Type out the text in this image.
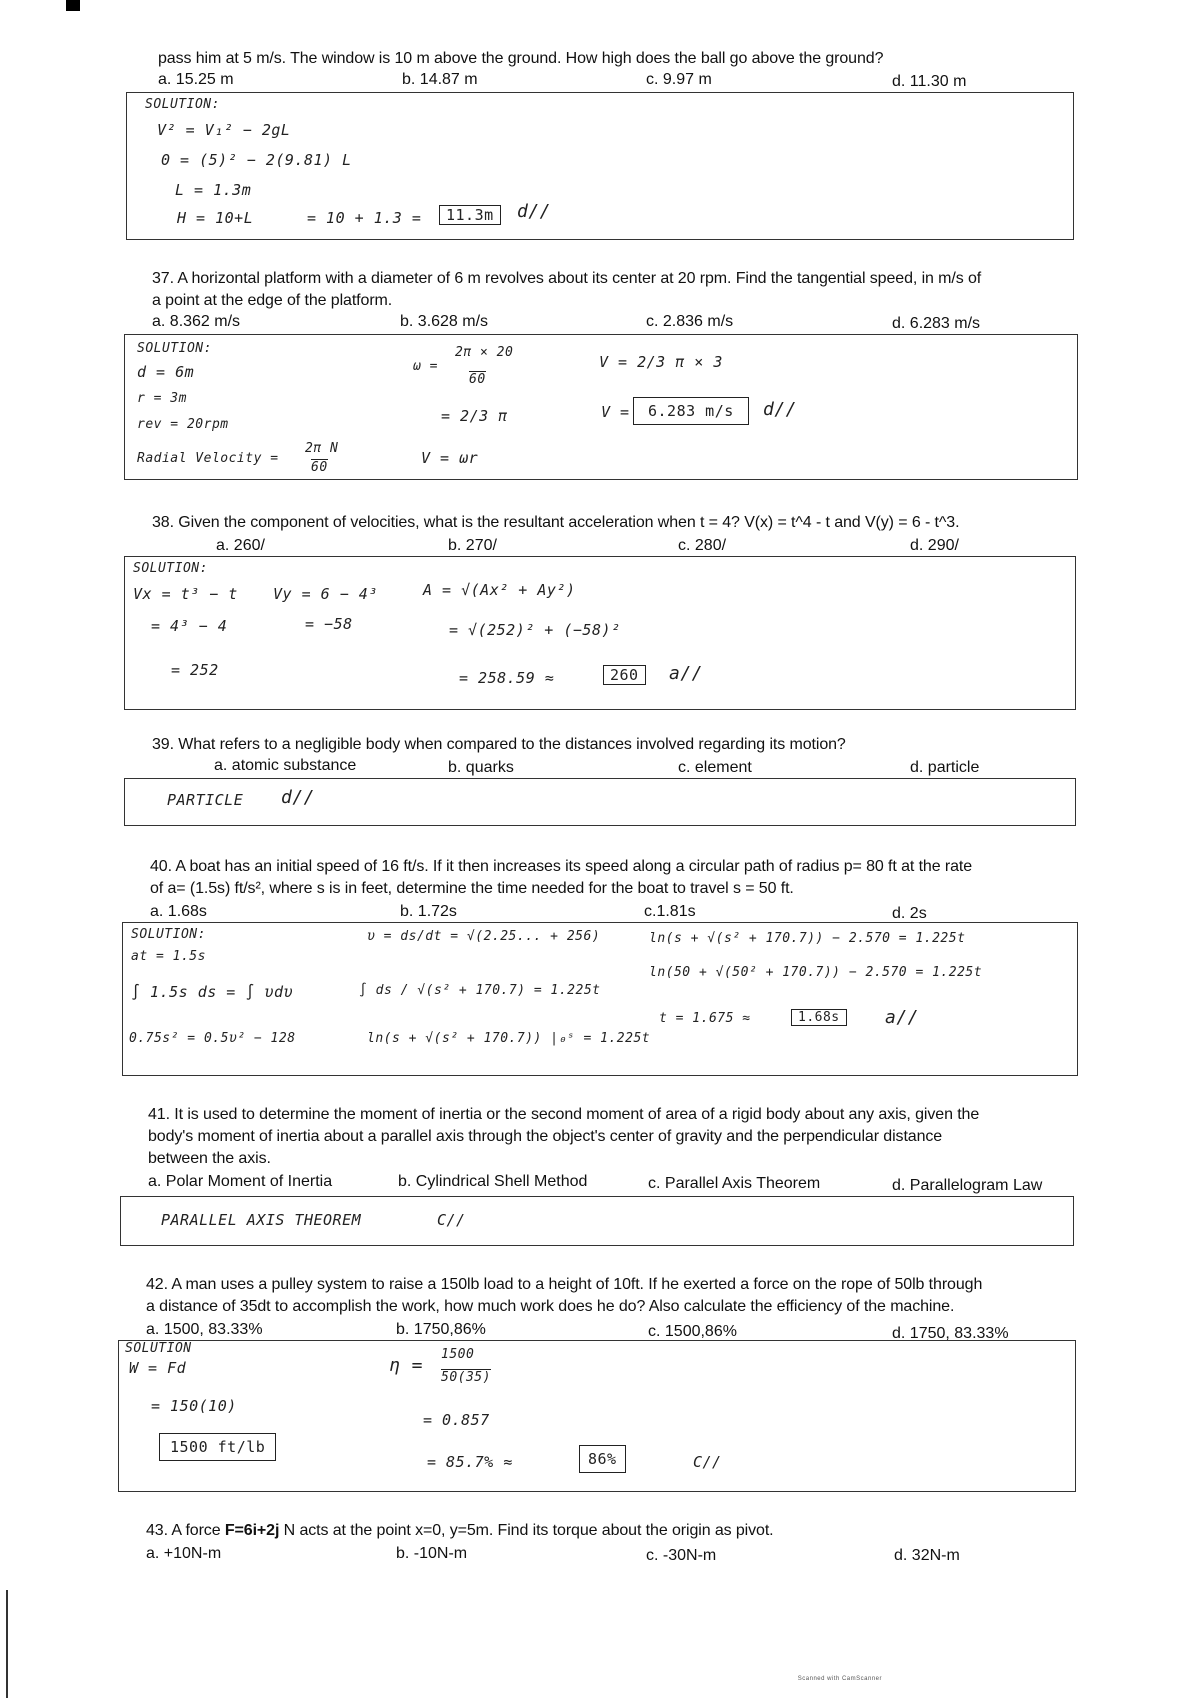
pass him at 5 m/s. The window is 10 m above the ground. How high does the ball go above the ground?
a. 15.25 m	b. 14.87 m	c. 9.97 m	d. 11.30 m
SOLUTION:
V² = V₁² − 2gL
0 = (5)² − 2(9.81) L
L = 1.3m
H = 10+L	= 10 + 1.3 =	11.3m	d//
37. A horizontal platform with a diameter of 6 m revolves about its center at 20 rpm. Find the tangential speed, in m/s of
a point at the edge of the platform.
a. 8.362 m/s	b. 3.628 m/s	c. 2.836 m/s	d. 6.283 m/s
SOLUTION:
d = 6m
r = 3m
rev = 20rpm
Radial Velocity =
2π N
60
ω =
2π × 20
60
= 2/3 π
V = ωr
V = 2/3 π × 3
V =	6.283 m/s	d//
38. Given the component of velocities, what is the resultant acceleration when t = 4? V(x) = t^4 - t and V(y) = 6 - t^3.
a. 260/	b. 270/	c. 280/	d. 290/
SOLUTION:
Vx = t³ − t
= 4³ − 4
= 252
Vy = 6 − 4³
= −58
A = √(Ax² + Ay²)
= √(252)² + (−58)²
= 258.59 ≈	260	a//
39. What refers to a negligible body when compared to the distances involved regarding its motion?
a. atomic substance	b. quarks	c. element	d. particle
PARTICLE d//
40. A boat has an initial speed of 16 ft/s. If it then increases its speed along a circular path of radius p= 80 ft at the rate
of a= (1.5s) ft/s², where s is in feet, determine the time needed for the boat to travel s = 50 ft.
a. 1.68s	b. 1.72s	c.1.81s	d. 2s
SOLUTION:
at = 1.5s
∫ 1.5s ds = ∫ υdυ
0.75s² = 0.5υ² − 128
υ = ds/dt = √(2.25... + 256)
∫ ds / √(s² + 170.7) = 1.225t
ln(s + √(s² + 170.7)) |₀ˢ = 1.225t
ln(s + √(s² + 170.7)) − 2.570 = 1.225t
ln(50 + √(50² + 170.7)) − 2.570 = 1.225t
t = 1.675 ≈	1.68s	a//
41. It is used to determine the moment of inertia or the second moment of area of a rigid body about any axis, given the
body's moment of inertia about a parallel axis through the object's center of gravity and the perpendicular distance
between the axis.
a. Polar Moment of Inertia	b. Cylindrical Shell Method	c. Parallel Axis Theorem	d. Parallelogram Law
PARALLEL AXIS THEOREM	C//
42. A man uses a pulley system to raise a 150lb load to a height of 10ft. If he exerted a force on the rope of 50lb through
a distance of 35dt to accomplish the work, how much work does he do? Also calculate the efficiency of the machine.
a. 1500, 83.33%	b. 1750,86%	c. 1500,86%	d. 1750, 83.33%
SOLUTION
W = Fd
= 150(10)
1500 ft/lb
η =
1500
50(35)
= 0.857
= 85.7% ≈	86%	C//
43. A force F=6i+2j N acts at the point x=0, y=5m. Find its torque about the origin as pivot.
a. +10N-m	b. -10N-m	c. -30N-m	d. 32N-m
Scanned with CamScanner
